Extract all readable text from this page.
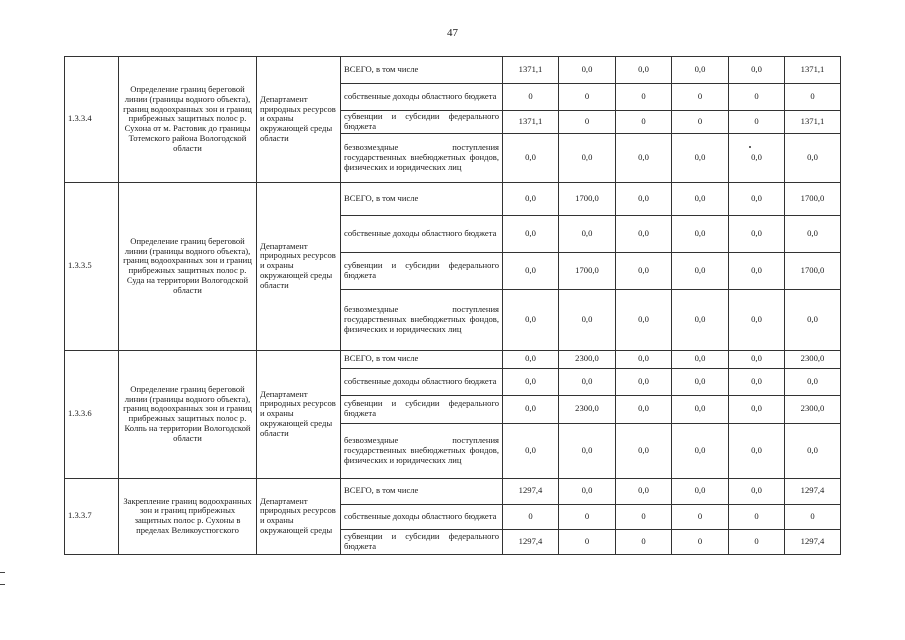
47
1.3.3.4	Определение границ береговой линии (границы водного объекта), границ водоохранных зон и границ прибрежных защитных полос р. Сухона от м. Растовик до границы Тотемского района Вологодской области	Департамент природных ресурсов и охраны окружающей среды области	ВСЕГО, в том числе	1371,1	0,0	0,0	0,0	0,0	1371,1

			собственные доходы областного бюджета	0	0	0	0	0	0

			субвенции и субсидии федерального бюджета	1371,1	0	0	0	0	1371,1

			безвозмездные поступления государственных внебюджетных фондов, физических и юридических лиц	0,0	0,0	0,0	0,0	0,0	0,0

1.3.3.5	Определение границ береговой линии (границы водного объекта), границ водоохранных зон и границ прибрежных защитных полос р. Суда на территории Вологодской области	Департамент природных ресурсов и охраны окружающей среды области	ВСЕГО, в том числе	0,0	1700,0	0,0	0,0	0,0	1700,0

			собственные доходы областного бюджета	0,0	0,0	0,0	0,0	0,0	0,0

			субвенции и субсидии федерального бюджета	0,0	1700,0	0,0	0,0	0,0	1700,0

			безвозмездные поступления государственных внебюджетных фондов, физических и юридических лиц	0,0	0,0	0,0	0,0	0,0	0,0

1.3.3.6	Определение границ береговой линии (границы водного объекта), границ водоохранных зон и границ прибрежных защитных полос р. Колпь на территории Вологодской области	Департамент природных ресурсов и охраны окружающей среды области	ВСЕГО, в том числе	0,0	2300,0	0,0	0,0	0,0	2300,0

			собственные доходы областного бюджета	0,0	0,0	0,0	0,0	0,0	0,0

			субвенции и субсидии федерального бюджета	0,0	2300,0	0,0	0,0	0,0	2300,0

			безвозмездные поступления государственных внебюджетных фондов, физических и юридических лиц	0,0	0,0	0,0	0,0	0,0	0,0

1.3.3.7	Закрепление границ водоохранных зон и границ прибрежных защитных полос р. Сухоны в пределах Великоустюгского	Департамент природных ресурсов и охраны окружающей среды	ВСЕГО, в том числе	1297,4	0,0	0,0	0,0	0,0	1297,4

			собственные доходы областного бюджета	0	0	0	0	0	0

			субвенции и субсидии федерального бюджета	1297,4	0	0	0	0	1297,4
